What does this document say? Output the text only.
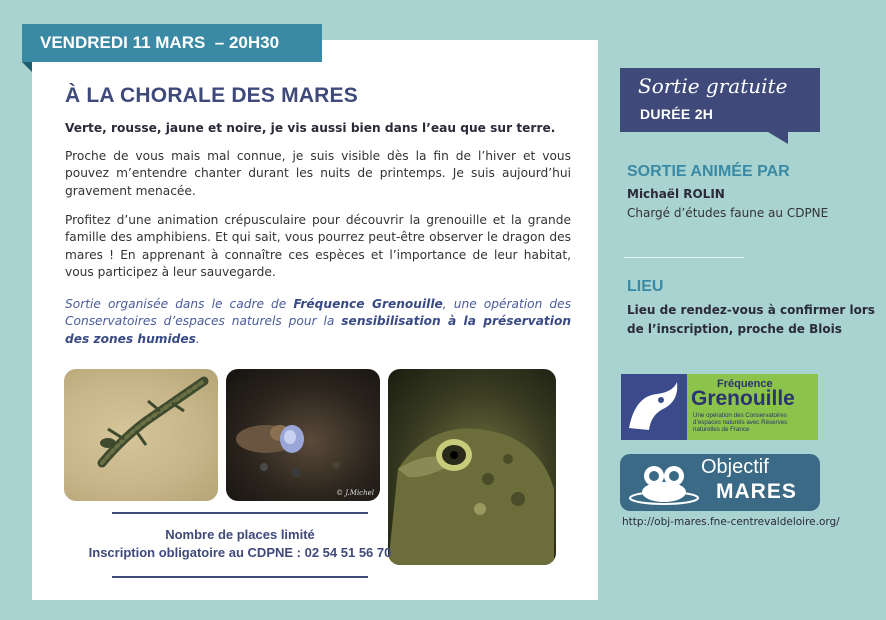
VENDREDI 11 MARS  – 20H30
À LA CHORALE DES MARES
Verte, rousse, jaune et noire, je vis aussi bien dans l’eau que sur terre.
Proche de vous mais mal connue, je suis visible dès la fin de l’hiver et vous pouvez m’entendre chanter durant les nuits de printemps. Je suis aujourd’hui gravement menacée.
Profitez d’une animation crépusculaire pour découvrir la grenouille et la grande famille des amphibiens. Et qui sait, vous pourrez peut-être observer le dragon des mares ! En apprenant à connaître ces espèces et l’importance de leur habitat, vous participez à leur sauvegarde.
Sortie organisée dans le cadre de Fréquence Grenouille, une opération des Conservatoires d’espaces naturels pour la sensibilisation à la préservation des zones humides.
© J.Michel
Nombre de places limité
Inscription obligatoire au CDPNE : 02 54 51 56 70
Sortie gratuite
DURÉE 2H
SORTIE ANIMÉE PAR
Michaël ROLIN
Chargé d’études faune au CDPNE
LIEU
Lieu de rendez-vous à confirmer lors de l’inscription, proche de Blois
Fréquence
Grenouille
Une opération des Conservatoires d’espaces naturels avec Réserves naturelles de France
Objectif
MARES
http://obj-mares.fne-centrevaldeloire.org/
